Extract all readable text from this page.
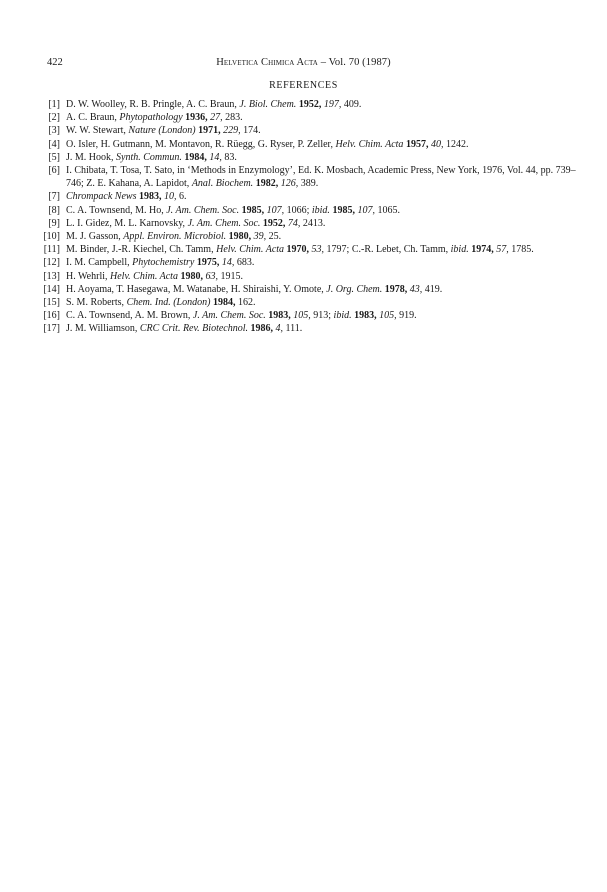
422	Helvetica Chimica Acta – Vol. 70 (1987)
REFERENCES
[1] D. W. Woolley, R. B. Pringle, A. C. Braun, J. Biol. Chem. 1952, 197, 409.
[2] A. C. Braun, Phytopathology 1936, 27, 283.
[3] W. W. Stewart, Nature (London) 1971, 229, 174.
[4] O. Isler, H. Gutmann, M. Montavon, R. Rüegg, G. Ryser, P. Zeller, Helv. Chim. Acta 1957, 40, 1242.
[5] J. M. Hook, Synth. Commun. 1984, 14, 83.
[6] I. Chibata, T. Tosa, T. Sato, in ‘Methods in Enzymology’, Ed. K. Mosbach, Academic Press, New York, 1976, Vol. 44, pp. 739–746; Z. E. Kahana, A. Lapidot, Anal. Biochem. 1982, 126, 389.
[7] Chrompack News 1983, 10, 6.
[8] C. A. Townsend, M. Ho, J. Am. Chem. Soc. 1985, 107, 1066; ibid. 1985, 107, 1065.
[9] L. I. Gidez, M. L. Karnovsky, J. Am. Chem. Soc. 1952, 74, 2413.
[10] M. J. Gasson, Appl. Environ. Microbiol. 1980, 39, 25.
[11] M. Binder, J.-R. Kiechel, Ch. Tamm, Helv. Chim. Acta 1970, 53, 1797; C.-R. Lebet, Ch. Tamm, ibid. 1974, 57, 1785.
[12] I. M. Campbell, Phytochemistry 1975, 14, 683.
[13] H. Wehrli, Helv. Chim. Acta 1980, 63, 1915.
[14] H. Aoyama, T. Hasegawa, M. Watanabe, H. Shiraishi, Y. Omote, J. Org. Chem. 1978, 43, 419.
[15] S. M. Roberts, Chem. Ind. (London) 1984, 162.
[16] C. A. Townsend, A. M. Brown, J. Am. Chem. Soc. 1983, 105, 913; ibid. 1983, 105, 919.
[17] J. M. Williamson, CRC Crit. Rev. Biotechnol. 1986, 4, 111.
